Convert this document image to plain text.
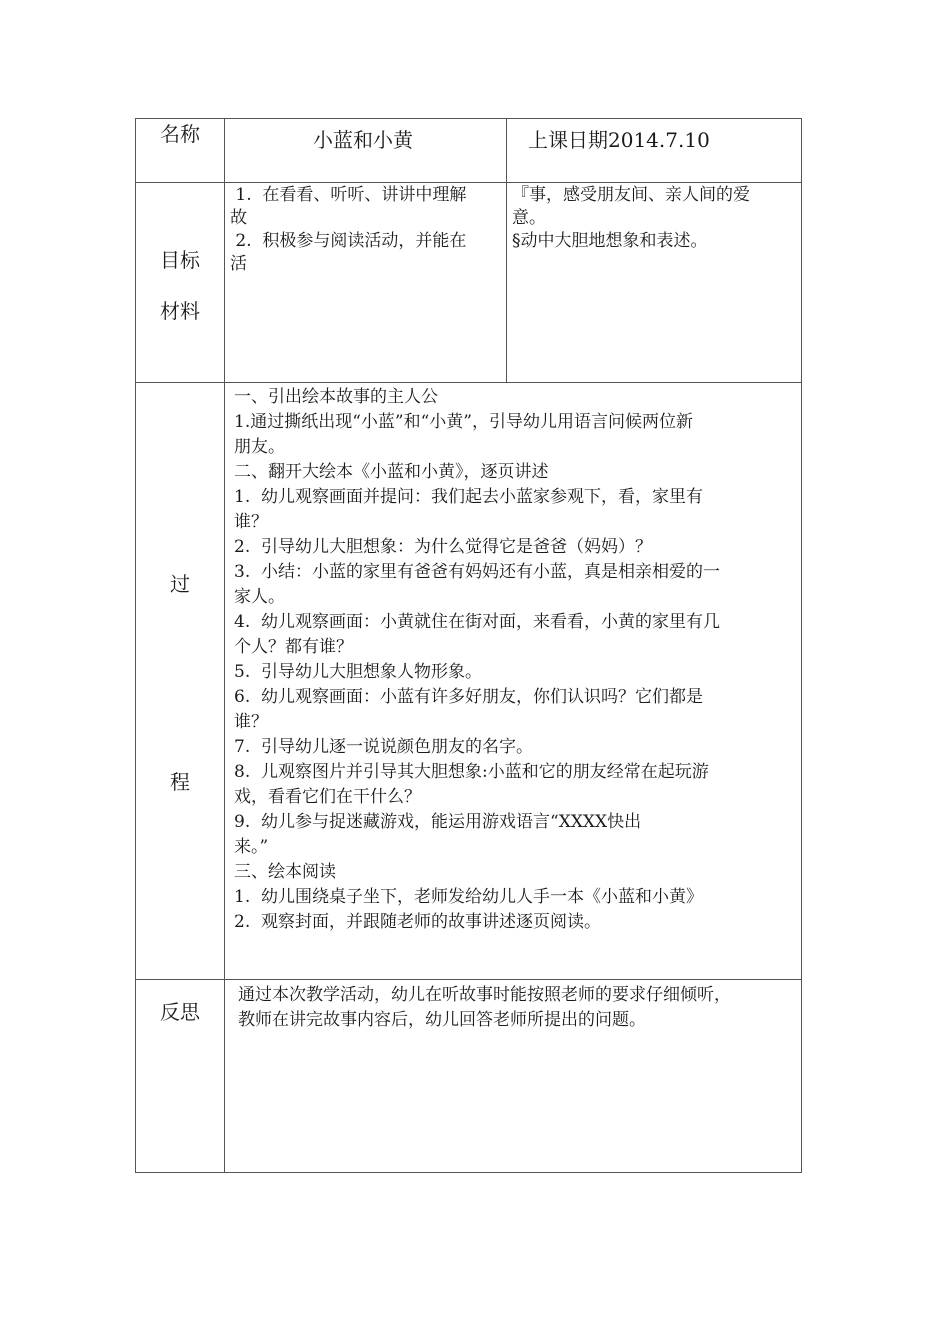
名称	小蓝和小黄	上课日期2014.7.10
目标
材料
1.  在看看、听听、讲讲中理解
故
2.  积极参与阅读活动，并能在
活
『事，感受朋友间、亲人间的爱
意。
§动中大胆地想象和表述。
过
程
一、引出绘本故事的主人公
1.通过撕纸出现“小蓝”和“小黄”，引导幼儿用语言问候两位新
朋友。
二、翻开大绘本《小蓝和小黄》，逐页讲述
1.  幼儿观察画面并提问：我们起去小蓝家参观下，看，家里有
谁？
2.  引导幼儿大胆想象：为什么觉得它是爸爸（妈妈）？
3.  小结：小蓝的家里有爸爸有妈妈还有小蓝，真是相亲相爱的一
家人。
4.  幼儿观察画面：小黄就住在街对面，来看看，小黄的家里有几
个人？都有谁？
5.  引导幼儿大胆想象人物形象。
6.  幼儿观察画面：小蓝有许多好朋友，你们认识吗？它们都是
谁？
7.  引导幼儿逐一说说颜色朋友的名字。
8.  儿观察图片并引导其大胆想象:小蓝和它的朋友经常在起玩游
戏，看看它们在干什么？
9.  幼儿参与捉迷藏游戏，能运用游戏语言“XXXX快出
来。”
三、绘本阅读
1.  幼儿围绕桌子坐下，老师发给幼儿人手一本《小蓝和小黄》
2.  观察封面，并跟随老师的故事讲述逐页阅读。
反思
通过本次教学活动，幼儿在听故事时能按照老师的要求仔细倾听，
教师在讲完故事内容后，幼儿回答老师所提出的问题。
